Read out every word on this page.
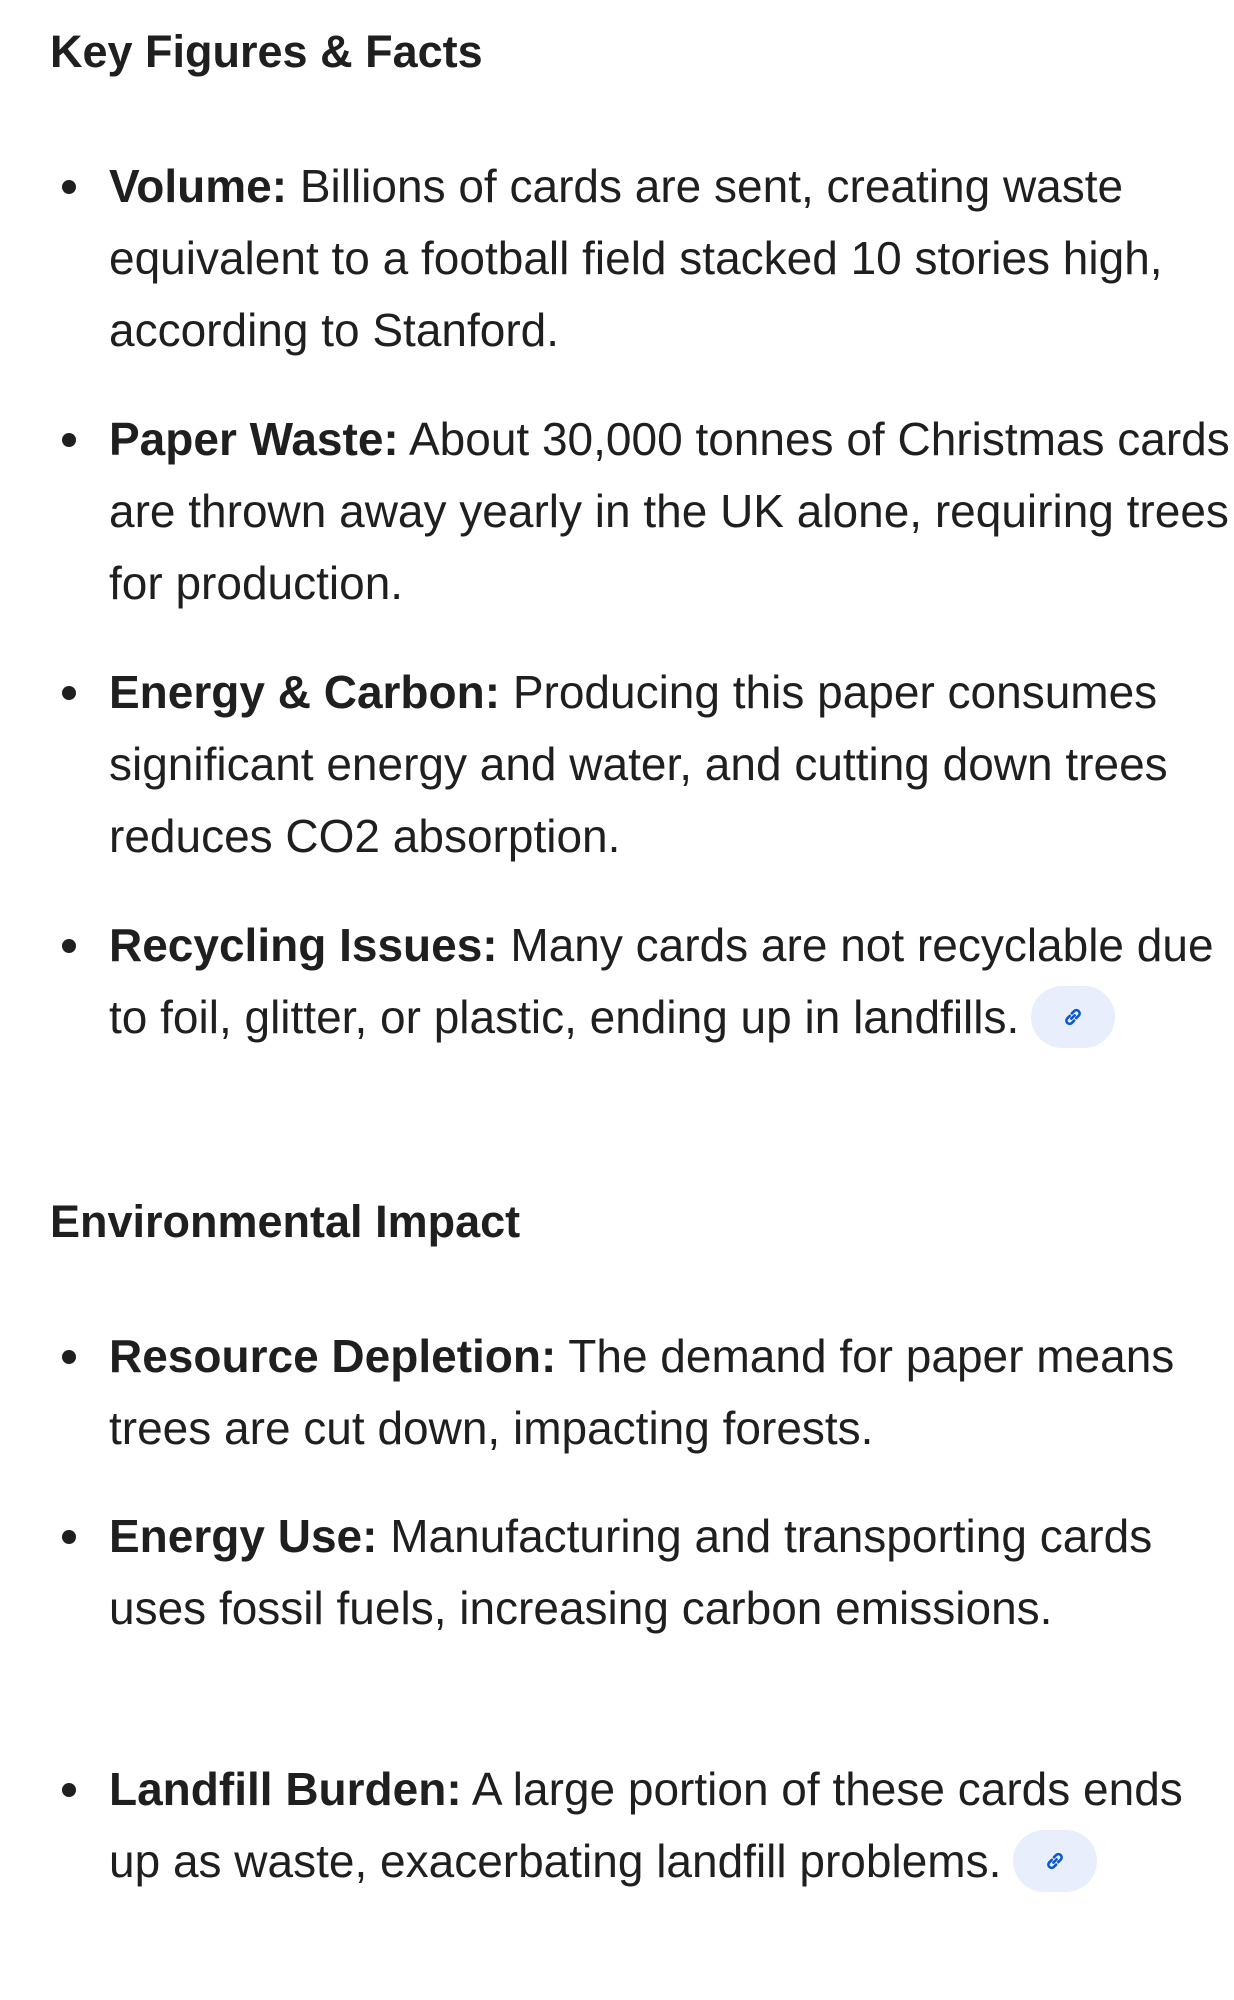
Key Figures & Facts

Volume: Billions of cards are sent, creating waste equivalent to a football field stacked 10 stories high, according to Stanford.

Paper Waste: About 30,000 tonnes of Christmas cards are thrown away yearly in the UK alone, requiring trees for production.

Energy & Carbon: Producing this paper consumes significant energy and water, and cutting down trees reduces CO2 absorption.

Recycling Issues: Many cards are not recyclable due to foil, glitter, or plastic, ending up in landfills.

Environmental Impact

Resource Depletion: The demand for paper means trees are cut down, impacting forests.

Energy Use: Manufacturing and transporting cards uses fossil fuels, increasing carbon emissions.

Landfill Burden: A large portion of these cards ends up as waste, exacerbating landfill problems.
